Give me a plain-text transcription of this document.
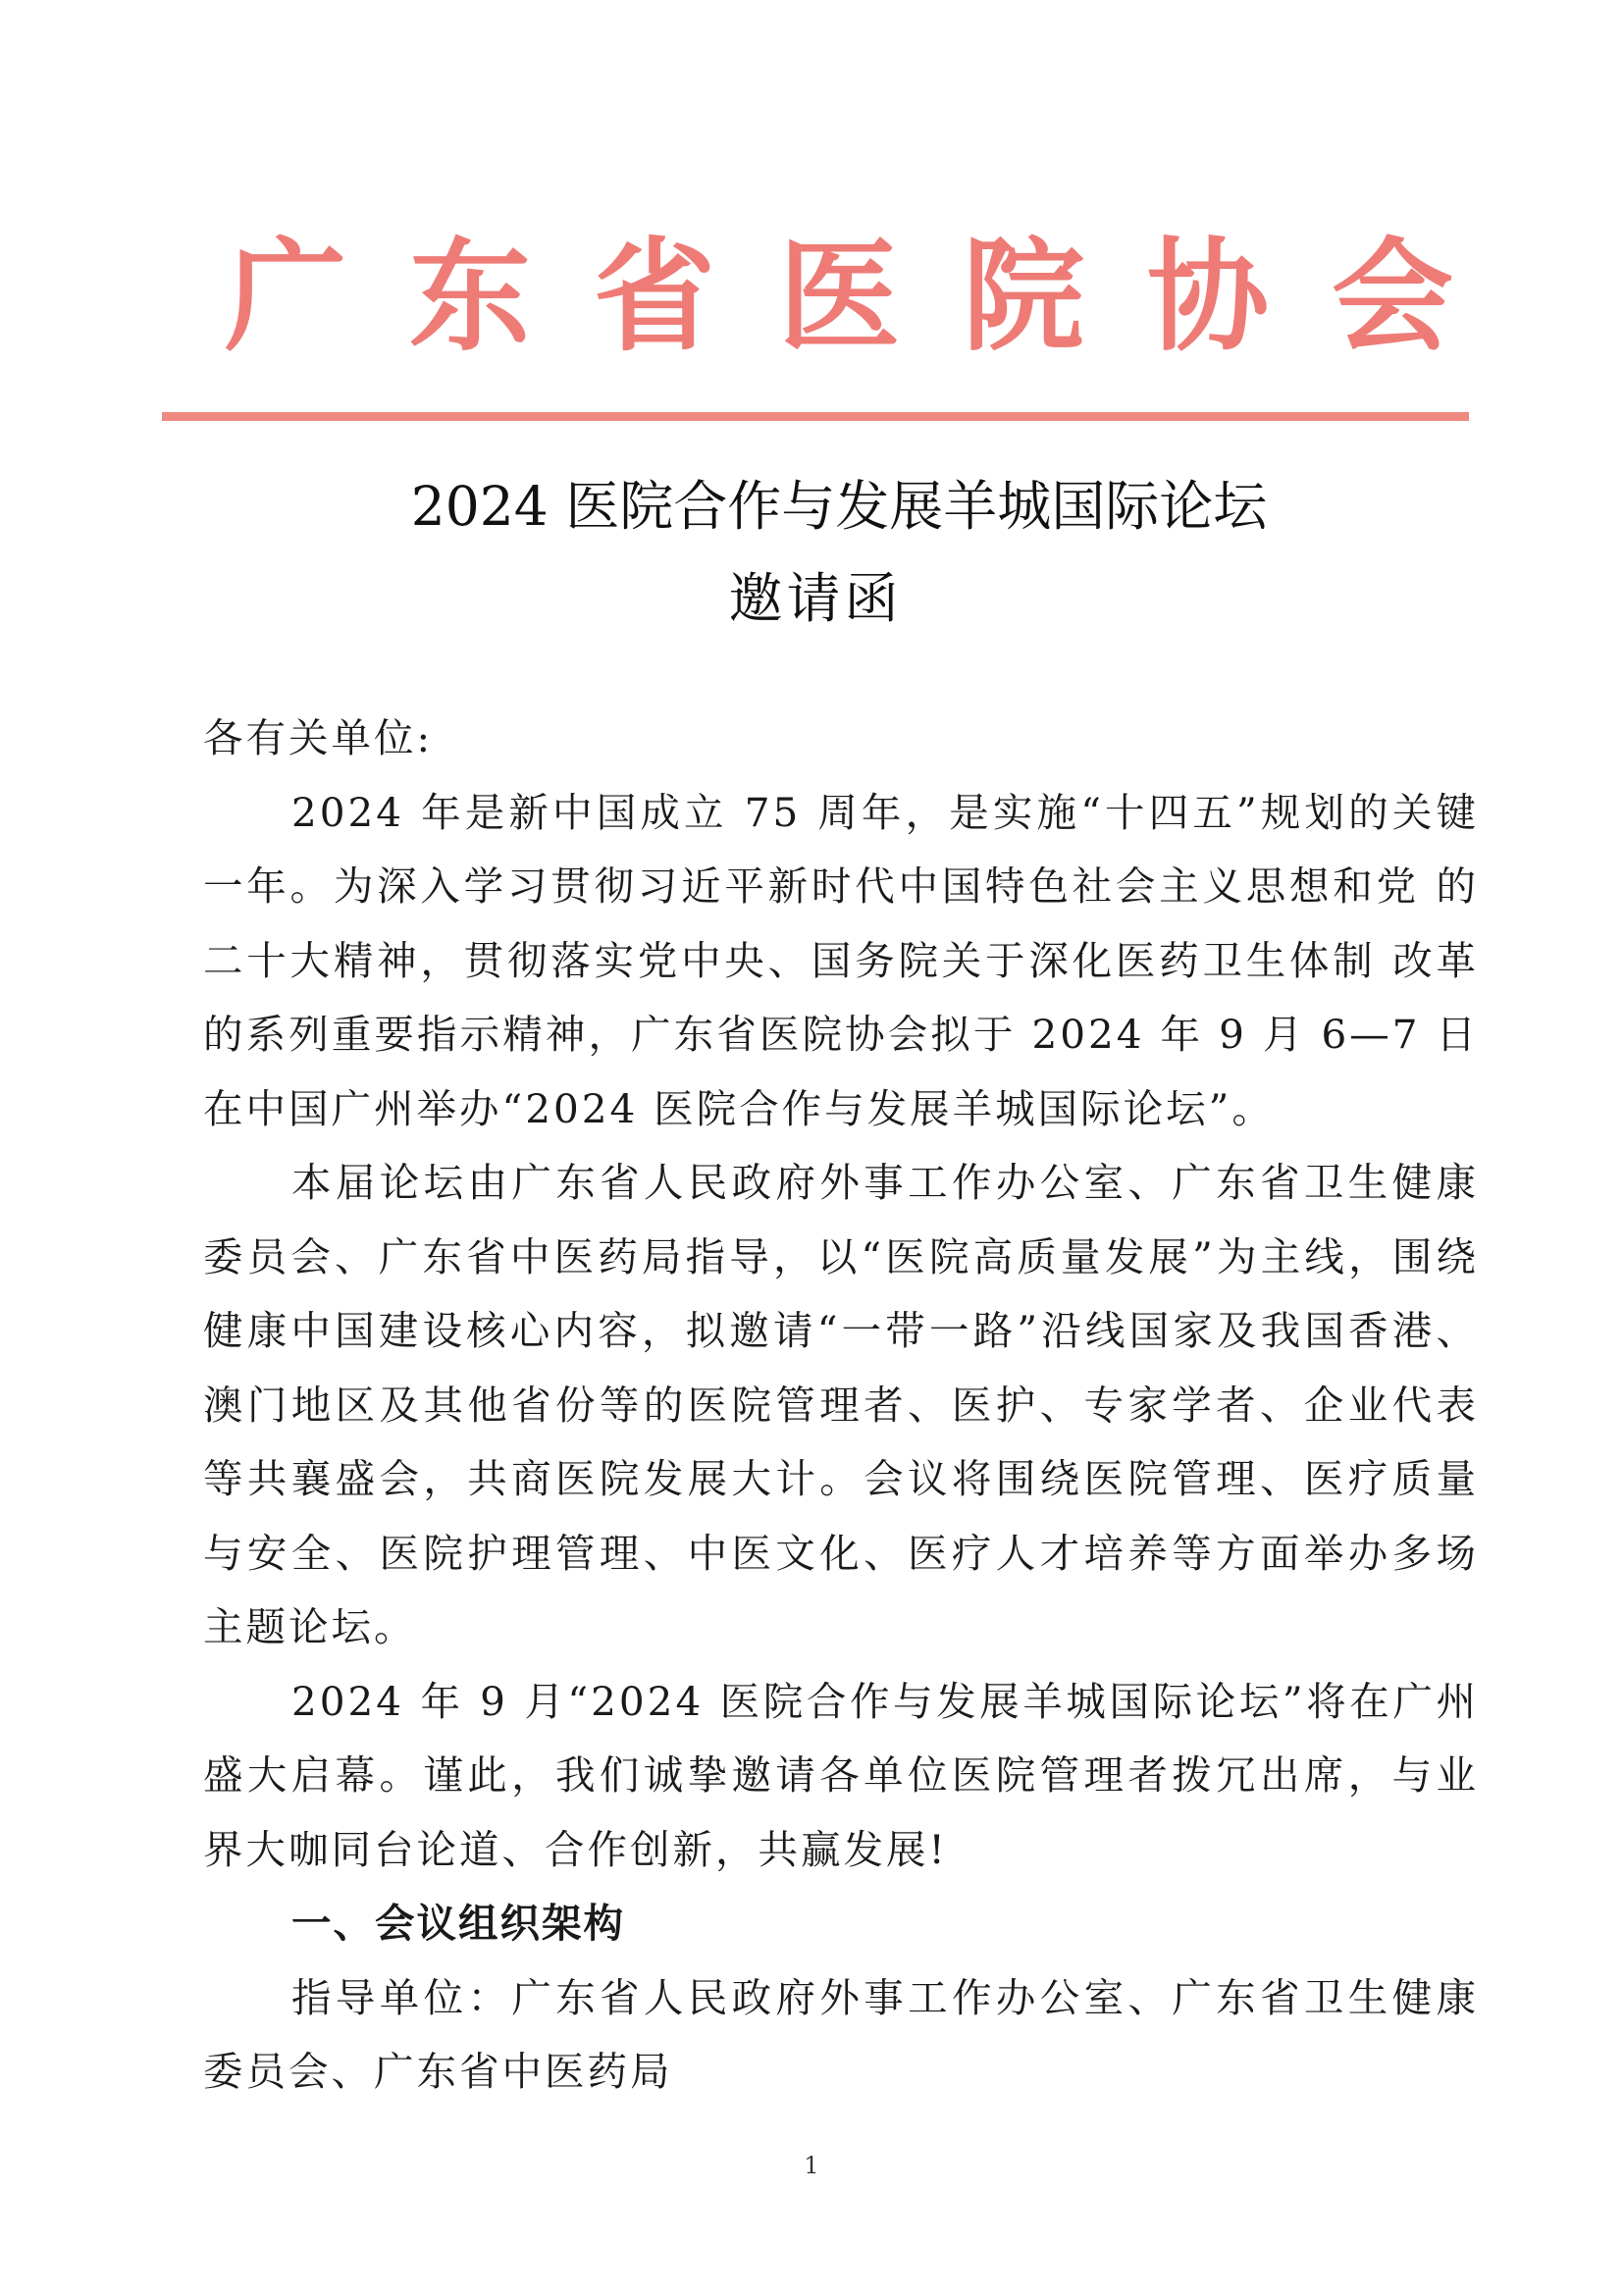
广东省医院协会
2024 医院合作与发展羊城国际论坛
邀请函

各有关单位:

2024 年是新中国成立 75 周年，是实施“十四五”规划的关键一年。为深入学习贯彻习近平新时代中国特色社会主义思想和党 的二十大精神，贯彻落实党中央、国务院关于深化医药卫生体制 改革的系列重要指示精神，广东省医院协会拟于 2024 年 9 月 6—7 日在中国广州举办“2024 医院合作与发展羊城国际论坛”。

本届论坛由广东省人民政府外事工作办公室、广东省卫生健康委员会、广东省中医药局指导，以“医院高质量发展”为主线，围绕健康中国建设核心内容，拟邀请“一带一路”沿线国家及我国香港、澳门地区及其他省份等的医院管理者、医护、专家学者、企业代表等共襄盛会，共商医院发展大计。会议将围绕医院管理、医疗质量与安全、医院护理管理、中医文化、医疗人才培养等方面举办多场主题论坛。

2024 年 9 月“2024 医院合作与发展羊城国际论坛”将在广州盛大启幕。谨此，我们诚挚邀请各单位医院管理者拨冗出席，与业界大咖同台论道、合作创新，共赢发展!

一、会议组织架构

指导单位：广东省人民政府外事工作办公室、广东省卫生健康委员会、广东省中医药局

1
